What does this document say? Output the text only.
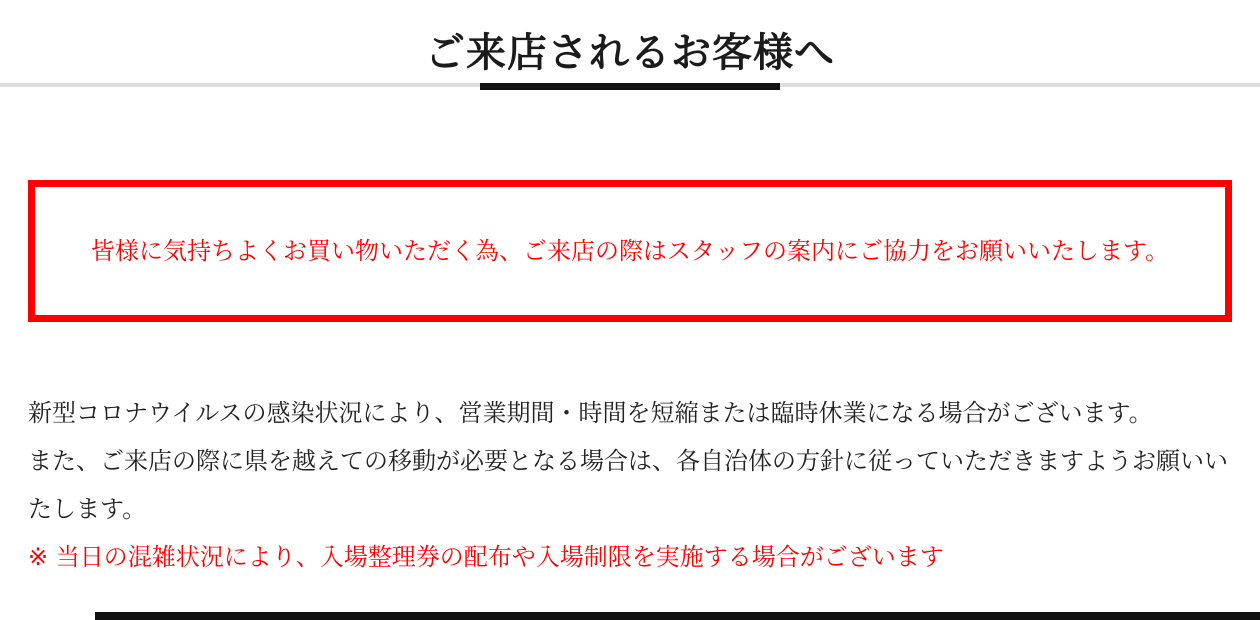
ご来店されるお客様へ

皆様に気持ちよくお買い物いただく為、ご来店の際はスタッフの案内にご協力をお願いいたします。

新型コロナウイルスの感染状況により、営業期間・時間を短縮または臨時休業になる場合がございます。
また、ご来店の際に県を越えての移動が必要となる場合は、各自治体の方針に従っていただきますようお願いいたします。
※ 当日の混雑状況により、入場整理券の配布や入場制限を実施する場合がございます
